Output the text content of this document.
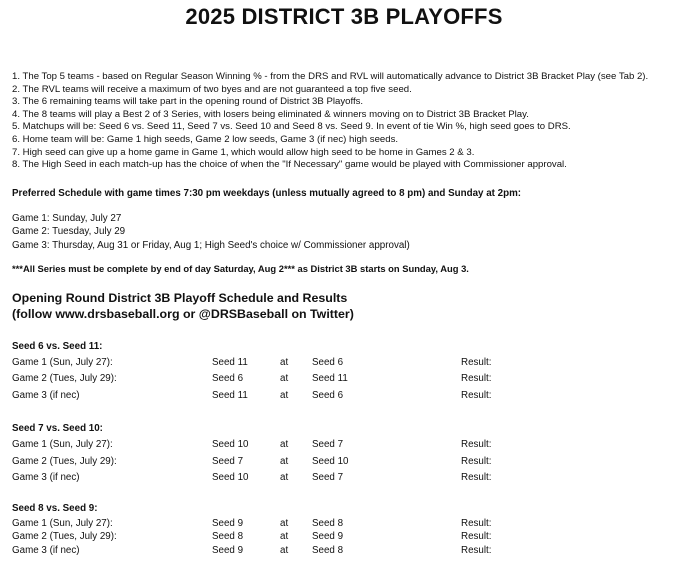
2025 DISTRICT 3B PLAYOFFS
1. The Top 5 teams - based on Regular Season Winning % - from the DRS and RVL will automatically advance to District 3B Bracket Play (see Tab 2).
2. The RVL teams will receive a maximum of two byes and are not guaranteed a top five seed.
3. The 6 remaining teams will take part in the opening round of District 3B Playoffs.
4. The 8 teams will play a Best 2 of 3 Series, with losers being eliminated & winners moving on to District 3B Bracket Play.
5. Matchups will be: Seed 6 vs. Seed 11, Seed 7 vs. Seed 10 and Seed 8 vs. Seed 9. In event of tie Win %, high seed goes to DRS.
6. Home team will be: Game 1 high seeds, Game 2 low seeds, Game 3 (if nec) high seeds.
7. High seed can give up a home game in Game 1, which would allow high seed to be home in Games 2 & 3.
8. The High Seed in each match-up has the choice of when the "If Necessary" game would be played with Commissioner approval.
Preferred Schedule with game times 7:30 pm weekdays (unless mutually agreed to 8 pm) and Sunday at 2pm:
Game 1: Sunday, July 27
Game 2: Tuesday, July 29
Game 3: Thursday, Aug 31 or Friday, Aug 1; High Seed's choice w/ Commissioner approval)
***All Series must be complete by end of day Saturday, Aug 2*** as District 3B starts on Sunday, Aug 3.
Opening Round District 3B Playoff Schedule and Results
(follow www.drsbaseball.org or @DRSBaseball on Twitter)
Seed 6 vs. Seed 11:
Game 1 (Sun, July 27):	Seed 11	at Seed 6	Result:
Game 2 (Tues, July 29):	Seed 6	at Seed 11	Result:
Game 3 (if nec)	Seed 11	at Seed 6	Result:
Seed 7 vs. Seed 10:
Game 1 (Sun, July 27):	Seed 10	at Seed 7	Result:
Game 2 (Tues, July 29):	Seed 7	at Seed 10	Result:
Game 3 (if nec)	Seed 10	at Seed 7	Result:
Seed 8 vs. Seed 9:
Game 1 (Sun, July 27):	Seed 9	at Seed 8	Result:
Game 2 (Tues, July 29):	Seed 8	at Seed 9	Result:
Game 3 (if nec)	Seed 9	at Seed 8	Result:
